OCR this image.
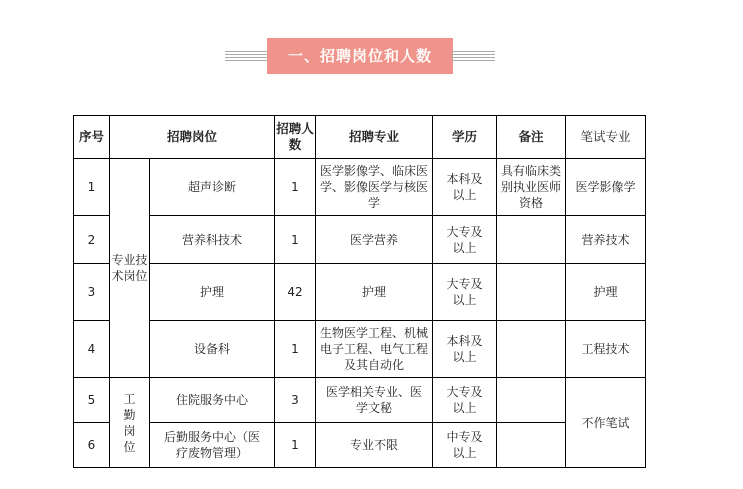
一、招聘岗位和人数
序号	招聘岗位		招聘人数	招聘专业	学历	备注	笔试专业
1	专业技术岗位	超声诊断	1	医学影像学、临床医学、影像医学与核医学	本科及以上	具有临床类别执业医师资格	医学影像学
2		营养科技术	1	医学营养	大专及以上		营养技术
3		护理	42	护理	大专及以上		护理
4		设备科	1	生物医学工程、机械电子工程、电气工程及其自动化	本科及以上		工程技术
5	工勤岗位	住院服务中心	3	医学相关专业、医学文秘	大专及以上		不作笔试
6		后勤服务中心（医疗废物管理）	1	专业不限	中专及以上		
